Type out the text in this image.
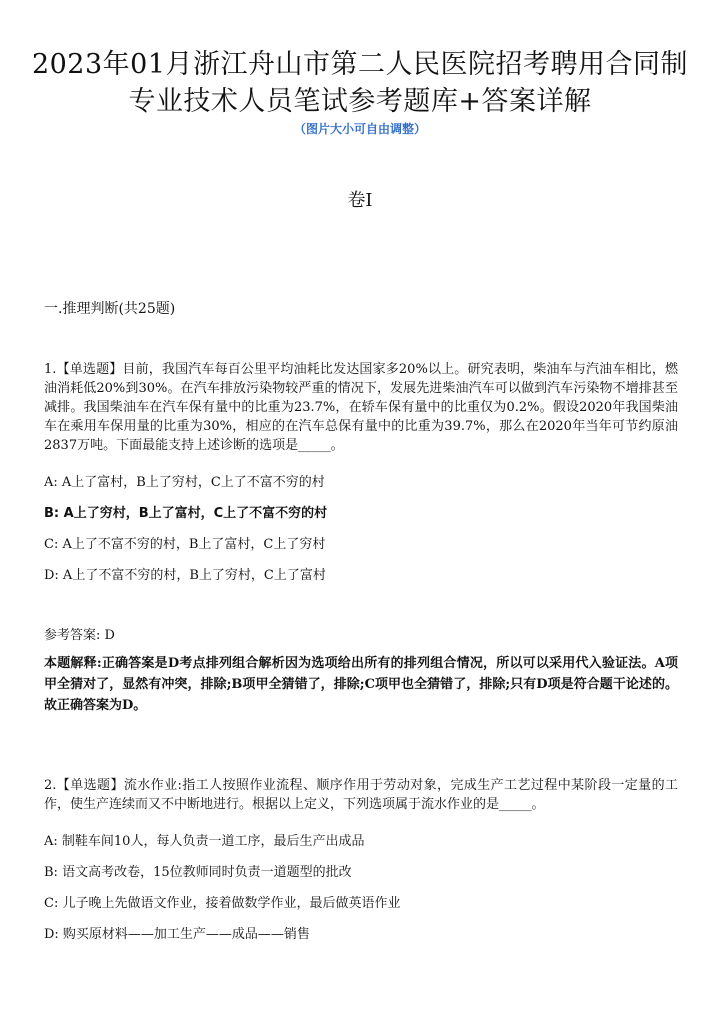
2023年01月浙江舟山市第二人民医院招考聘用合同制
专业技术人员笔试参考题库+答案详解
（图片大小可自由调整）
卷I
一.推理判断(共25题)

1.【单选题】目前，我国汽车每百公里平均油耗比发达国家多20%以上。研究表明，柴油车与汽油车相比，燃油消耗低20%到30%。在汽车排放污染物较严重的情况下，发展先进柴油汽车可以做到汽车污染物不增排甚至减排。我国柴油车在汽车保有量中的比重为23.7%，在轿车保有量中的比重仅为0.2%。假设2020年我国柴油车在乘用车保用量的比重为30%，相应的在汽车总保有量中的比重为39.7%，那么在2020年当年可节约原油2837万吨。下面最能支持上述诊断的选项是_____。

A: A上了富村，B上了穷村，C上了不富不穷的村
B: A上了穷村，B上了富村，C上了不富不穷的村
C: A上了不富不穷的村，B上了富村，C上了穷村
D: A上了不富不穷的村，B上了穷村，C上了富村
参考答案: D
本题解释:正确答案是D考点排列组合解析因为选项给出所有的排列组合情况，所以可以采用代入验证法。A项甲全猜对了，显然有冲突，排除;B项甲全猜错了，排除;C项甲也全猜错了，排除;只有D项是符合题干论述的。故正确答案为D。

2.【单选题】流水作业:指工人按照作业流程、顺序作用于劳动对象，完成生产工艺过程中某阶段一定量的工作，使生产连续而又不中断地进行。根据以上定义，下列选项属于流水作业的是_____。

A: 制鞋车间10人，每人负责一道工序，最后生产出成品
B: 语文高考改卷，15位教师同时负责一道题型的批改
C: 儿子晚上先做语文作业，接着做数学作业，最后做英语作业
D: 购买原材料——加工生产——成品——销售
